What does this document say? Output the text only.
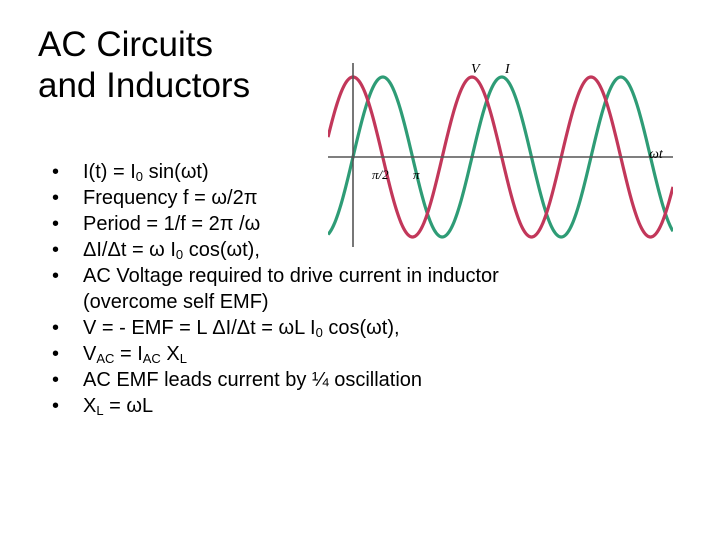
AC Circuits
and Inductors	V I
ωt
π/2 π
• $I(t) = I_0$ sin(ωt)
• Frequency f = ω/2π
• Period = 1/f = 2π /ω
• ΔI/Δt = ω $I_0$ cos(ωt),
• AC Voltage required to drive current in inductor (overcome self EMF)
• V = - EMF = L ΔI/Δt = ωL $I_0$ cos(ωt),
• $V_{AC} = I_{AC}$ $X_L$
• AC EMF leads current by ¼ oscillation
• $X_L = \omega L$
